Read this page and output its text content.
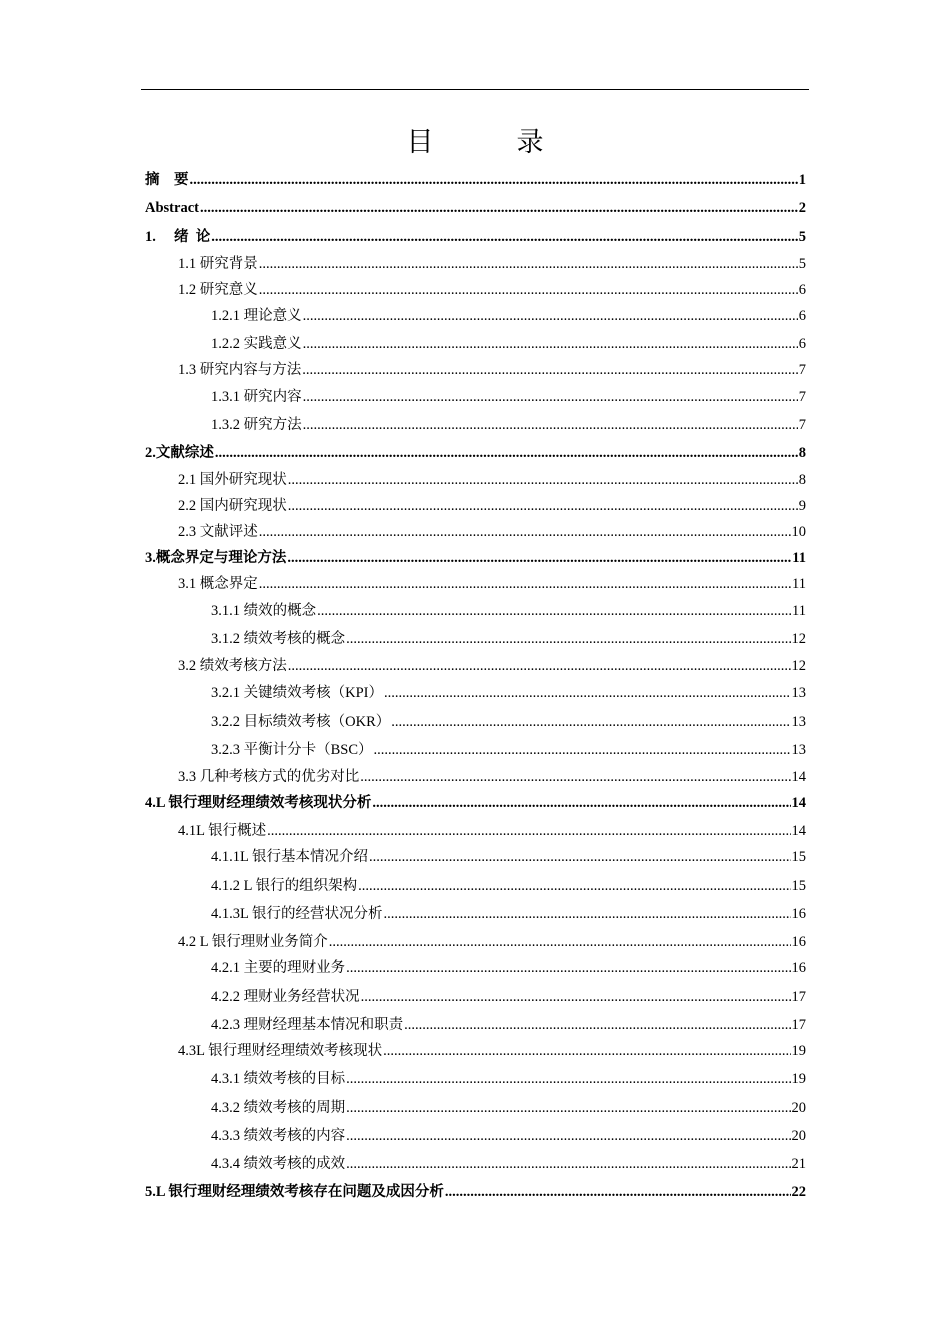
目　录
摘　要 .....	1
Abstract .....	2
1.　 绪  论 .....	5
1.1 研究背景 .....	5
1.2 研究意义 .....	6
1.2.1 理论意义 .....	6
1.2.2 实践意义 .....	6
1.3 研究内容与方法 .....	7
1.3.1 研究内容 .....	7
1.3.2 研究方法 .....	7
2.文献综述 .....	8
2.1 国外研究现状 .....	8
2.2 国内研究现状 .....	9
2.3 文献评述 .....	10
3.概念界定与理论方法 .....	11
3.1 概念界定 .....	11
3.1.1 绩效的概念 .....	11
3.1.2 绩效考核的概念 .....	12
3.2 绩效考核方法 .....	12
3.2.1 关键绩效考核（KPI） .....	13
3.2.2 目标绩效考核（OKR） .....	13
3.2.3 平衡计分卡（BSC） .....	13
3.3 几种考核方式的优劣对比 .....	14
4.L 银行理财经理绩效考核现状分析 .....	14
4.1L 银行概述 .....	14
4.1.1L 银行基本情况介绍 .....	15
4.1.2 L 银行的组织架构 .....	15
4.1.3L 银行的经营状况分析 .....	16
4.2 L 银行理财业务简介 .....	16
4.2.1 主要的理财业务 .....	16
4.2.2 理财业务经营状况 .....	17
4.2.3 理财经理基本情况和职责 .....	17
4.3L 银行理财经理绩效考核现状 .....	19
4.3.1 绩效考核的目标 .....	19
4.3.2 绩效考核的周期 .....	20
4.3.3 绩效考核的内容 .....	20
4.3.4 绩效考核的成效 .....	21
5.L 银行理财经理绩效考核存在问题及成因分析 .....	22
